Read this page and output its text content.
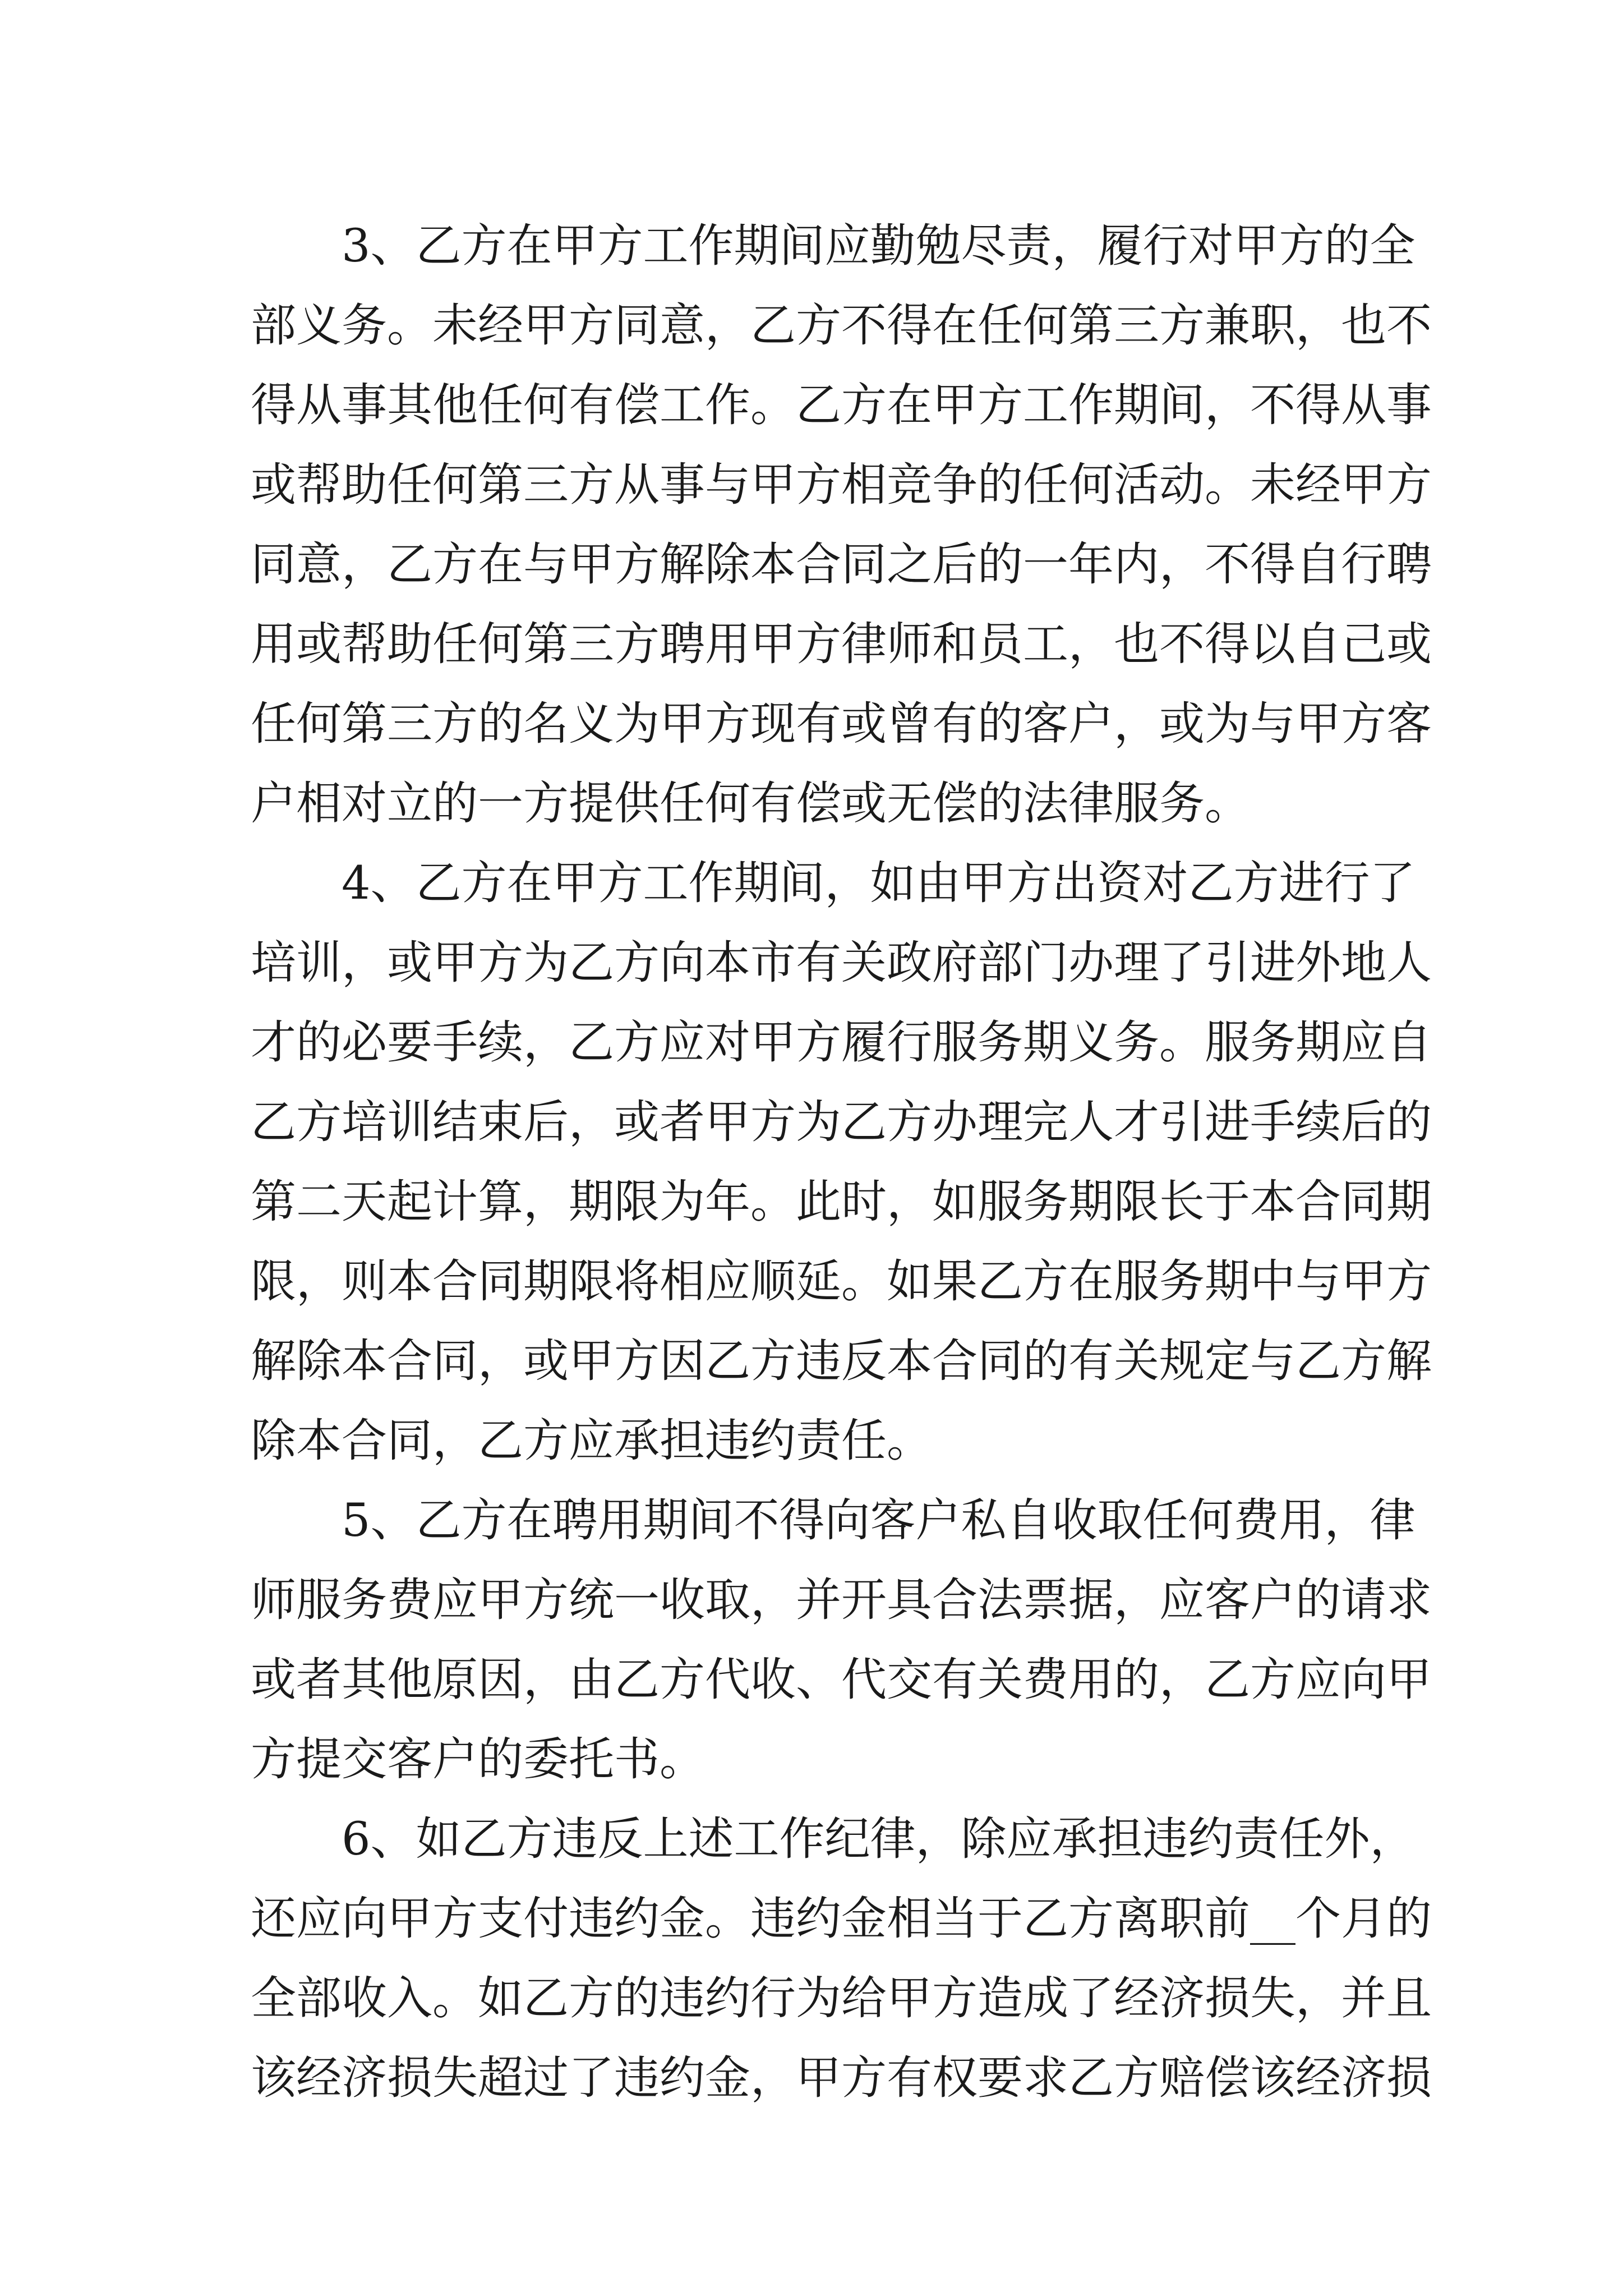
3、乙方在甲方工作期间应勤勉尽责，履行对甲方的全
部义务。未经甲方同意，乙方不得在任何第三方兼职，也不
得从事其他任何有偿工作。乙方在甲方工作期间，不得从事
或帮助任何第三方从事与甲方相竞争的任何活动。未经甲方
同意，乙方在与甲方解除本合同之后的一年内，不得自行聘
用或帮助任何第三方聘用甲方律师和员工，也不得以自己或
任何第三方的名义为甲方现有或曾有的客户，或为与甲方客
户相对立的一方提供任何有偿或无偿的法律服务。
4、乙方在甲方工作期间，如由甲方出资对乙方进行了
培训，或甲方为乙方向本市有关政府部门办理了引进外地人
才的必要手续，乙方应对甲方履行服务期义务。服务期应自
乙方培训结束后，或者甲方为乙方办理完人才引进手续后的
第二天起计算，期限为年。此时，如服务期限长于本合同期
限，则本合同期限将相应顺延。如果乙方在服务期中与甲方
解除本合同，或甲方因乙方违反本合同的有关规定与乙方解
除本合同，乙方应承担违约责任。
5、乙方在聘用期间不得向客户私自收取任何费用，律
师服务费应甲方统一收取，并开具合法票据，应客户的请求
或者其他原因，由乙方代收、代交有关费用的，乙方应向甲
方提交客户的委托书。
6、如乙方违反上述工作纪律，除应承担违约责任外，
还应向甲方支付违约金。违约金相当于乙方离职前__个月的
全部收入。如乙方的违约行为给甲方造成了经济损失，并且
该经济损失超过了违约金，甲方有权要求乙方赔偿该经济损
